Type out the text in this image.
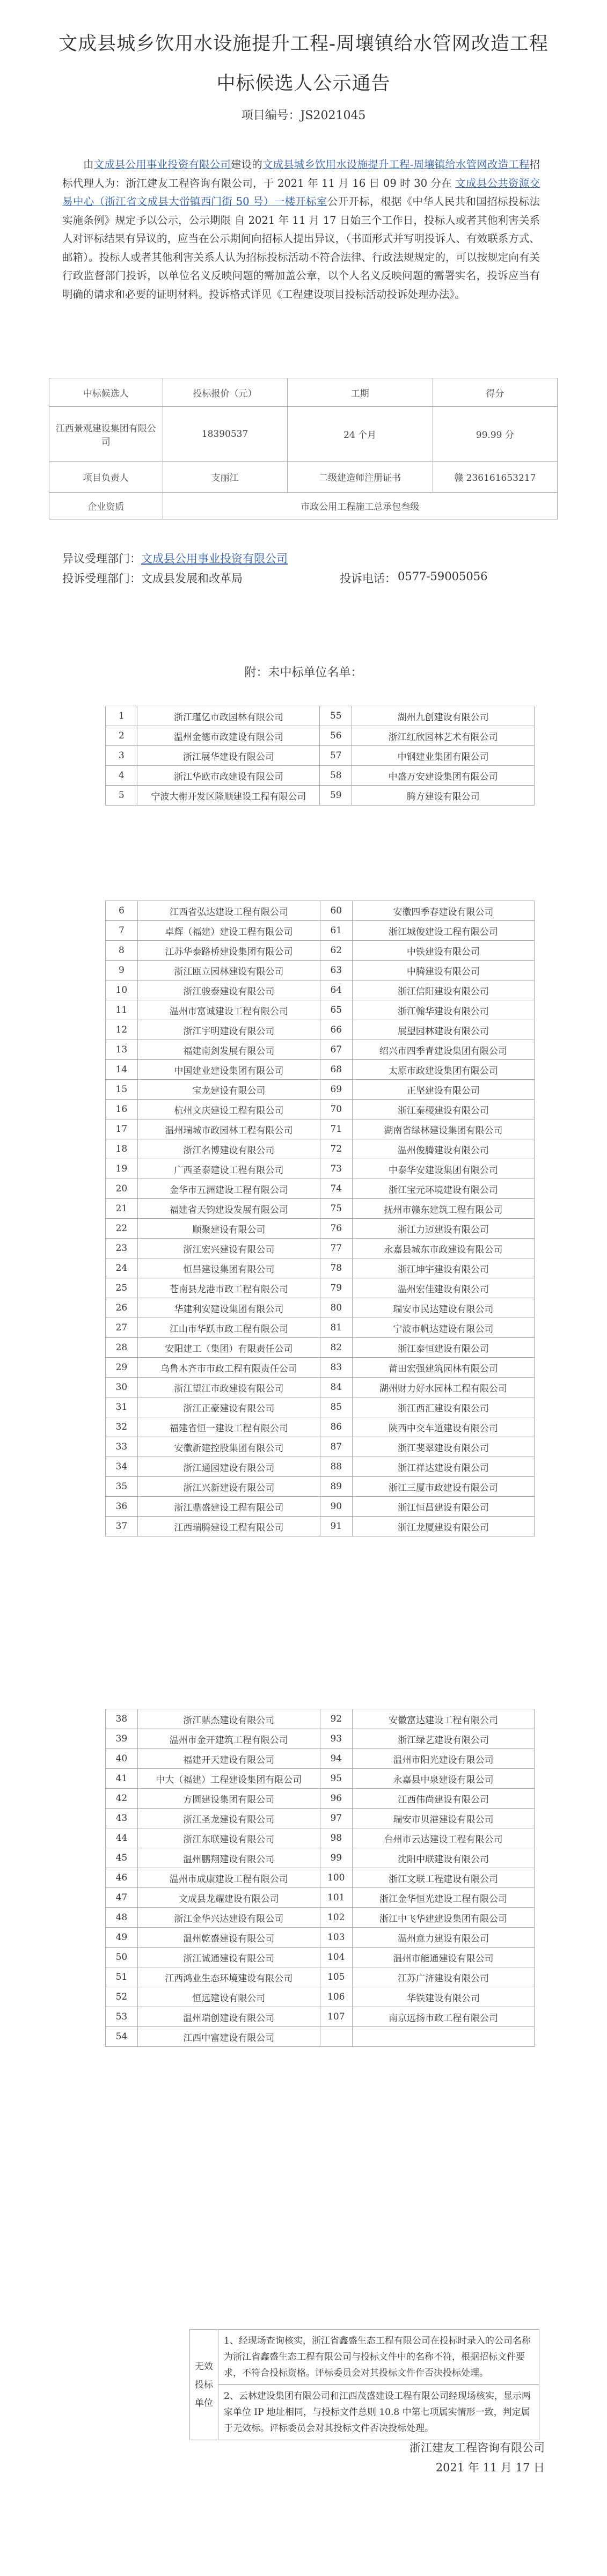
文成县城乡饮用水设施提升工程-周壤镇给水管网改造工程
中标候选人公示通告
项目编号：JS2021045
由文成县公用事业投资有限公司建设的文成县城乡饮用水设施提升工程-周壤镇给水管网改造工程招标代理人为：浙江建友工程咨询有限公司，于 2021 年 11 月 16 日 09 时 30 分在 文成县公共资源交易中心（浙江省文成县大峃镇西门街 50 号）一楼开标室公开开标，根据《中华人民共和国招标投标法实施条例》规定予以公示，公示期限 自 2021 年 11 月 17 日始三个工作日，投标人或者其他利害关系人对评标结果有异议的，应当在公示期间向招标人提出异议，（书面形式并写明投诉人、有效联系方式、邮箱）。投标人或者其他利害关系人认为招标投标活动不符合法律、行政法规规定的，可以按规定向有关行政监督部门投诉，以单位名义反映问题的需加盖公章，以个人名义反映问题的需署实名，投诉应当有明确的请求和必要的证明材料。投诉格式详见《工程建设项目投标活动投诉处理办法》。
中标候选人	投标报价（元）	工期	得分
江西景观建设集团有限公司	18390537	24 个月	99.99 分
项目负责人	支丽江	二级建造师注册证书	赣 236161653217
企业资质	市政公用工程施工总承包叁级		
异议受理部门： 文成县公用事业投资有限公司
投诉受理部门： 文成县发展和改革局	投诉电话： 0577-59005056
附：未中标单位名单：
1	浙江瑾亿市政园林有限公司	55	湖州九创建设有限公司
2	温州金德市政建设有限公司	56	浙江红欣园林艺术有限公司
3	浙江展华建设有限公司	57	中钢建业集团有限公司
4	浙江华欧市政建设有限公司	58	中盛万安建设集团有限公司
5	宁波大榭开发区隆顺建设工程有限公司	59	腾方建设有限公司
6	江西省弘达建设工程有限公司	60	安徽四季春建设有限公司
7	卓辉（福建）建设工程有限公司	61	浙江城俊建设工程有限公司
8	江苏华泰路桥建设集团有限公司	62	中铁建设有限公司
9	浙江瓯立园林建设有限公司	63	中腾建设有限公司
10	浙江骏泰建设有限公司	64	浙江信阳建设有限公司
11	温州市富诚建设工程有限公司	65	浙江翰华建设有限公司
12	浙江宇明建设有限公司	66	展望园林建设有限公司
13	福建南剑发展有限公司	67	绍兴市四季青建设集团有限公司
14	中国建业建设集团有限公司	68	太原市政建设集团有限公司
15	宝龙建设有限公司	69	正坚建设有限公司
16	杭州文庆建设工程有限公司	70	浙江秦稷建设有限公司
17	温州瑞城市政园林工程有限公司	71	湖南省绿林建设集团有限公司
18	浙江名博建设有限公司	72	温州俊腾建设有限公司
19	广西圣泰建设工程有限公司	73	中泰华安建设集团有限公司
20	金华市五洲建设工程有限公司	74	浙江宝元环境建设有限公司
21	福建省天钧建设发展有限公司	75	抚州市赣东建筑工程有限公司
22	顺聚建设有限公司	76	浙江力迈建设有限公司
23	浙江宏兴建设有限公司	77	永嘉县城东市政建设有限公司
24	恒昌建设集团有限公司	78	浙江坤宇建设有限公司
25	苍南县龙港市政工程有限公司	79	温州宏佳建设有限公司
26	华建利安建设集团有限公司	80	瑞安市民达建设有限公司
27	江山市华跃市政工程有限公司	81	宁波市帆达建设有限公司
28	安阳建工（集团）有限责任公司	82	浙江泰恒建设有限公司
29	乌鲁木齐市市政工程有限责任公司	83	莆田宏强建筑园林有限公司
30	浙江望江市政建设有限公司	84	湖州财力好水园林工程有限公司
31	浙江正豪建设有限公司	85	浙江西汇建设有限公司
32	福建省恒一建设工程有限公司	86	陕西中交车道建设有限公司
33	安徽新建控股集团有限公司	87	浙江斐翠建设有限公司
34	浙江通园建设有限公司	88	浙江祥达建设有限公司
35	浙江兴新建设有限公司	89	浙江三厦市政建设有限公司
36	浙江鼎盛建设工程有限公司	90	浙江恒昌建设有限公司
37	江西瑞腾建设工程有限公司	91	浙江龙厦建设有限公司
38	浙江鼎杰建设有限公司	92	安徽富达建设工程有限公司
39	温州市金开建筑工程有限公司	93	浙江绿艺建设有限公司
40	福建开天建设有限公司	94	温州市阳光建设有限公司
41	中大（福建）工程建设集团有限公司	95	永嘉县中泉建设有限公司
42	方圆建设集团有限公司	96	江西伟尚建设有限公司
43	浙江圣龙建设有限公司	97	瑞安市贝港建设有限公司
44	浙江东联建设有限公司	98	台州市云达建设工程有限公司
45	温州鹏翔建设有限公司	99	沈阳中联建设有限公司
46	温州市成康建设工程有限公司	100	浙江文联工程建设有限公司
47	文成县龙耀建设有限公司	101	浙江金华恒光建设工程有限公司
48	浙江金华兴达建设有限公司	102	浙江中飞华建建设集团有限公司
49	温州乾盛建设有限公司	103	温州意力建设有限公司
50	浙江诚通建设有限公司	104	温州市能通建设有限公司
51	江西鸿业生态环境建设有限公司	105	江苏广济建设有限公司
52	恒远建设有限公司	106	华铁建设有限公司
53	温州瑞创建设有限公司	107	南京远扬市政工程有限公司
54	江西中富建设有限公司		
无效投标单位	1、经现场查询核实，浙江省鑫盛生态工程有限公司在投标时录入的公司名称为浙江省鑫盛生态工程有限公司与投标文件中的名称不符，根据招标文件要求，不符合投标资格。评标委员会对其投标文件作否决投标处理。
2、云林建设集团有限公司和江西茂盛建设工程有限公司经现场核实，显示两家单位 IP 地址相同，与投标文件总则 10.8 中第七项属实情形一致，判定属于无效标。评标委员会对其投标文件否决投标处理。
浙江建友工程咨询有限公司
2021 年 11 月 17 日
